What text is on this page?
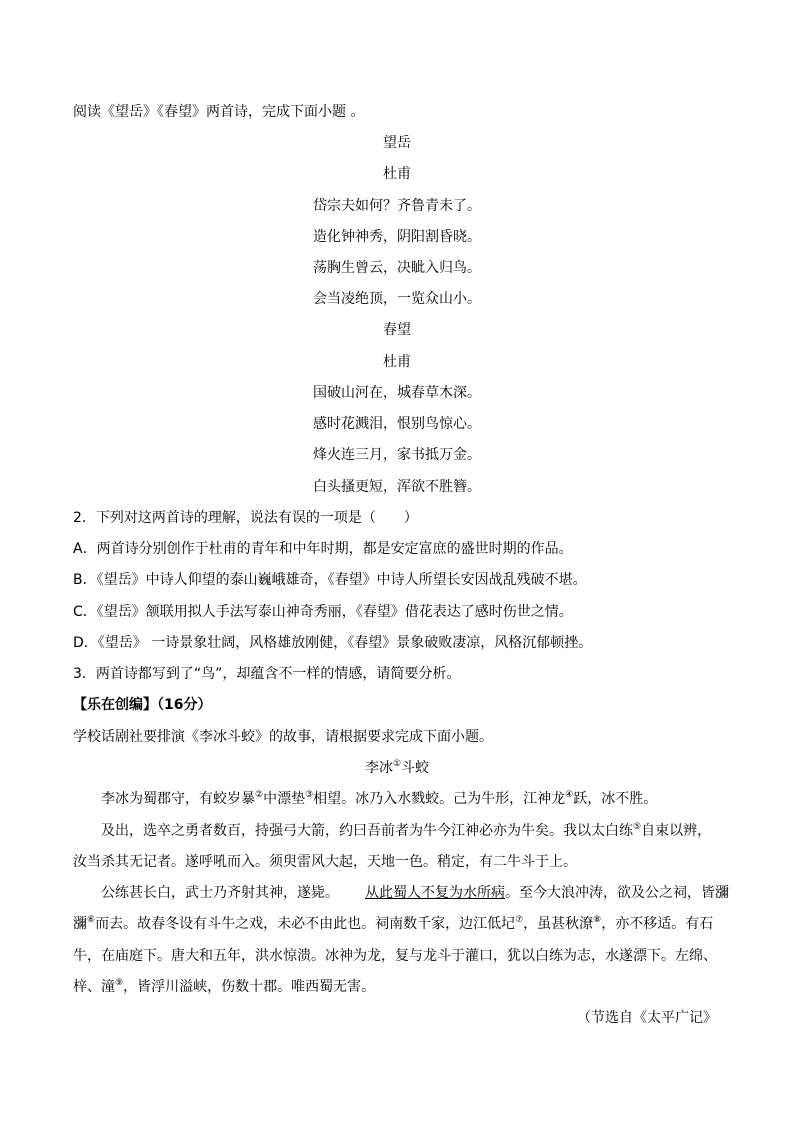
阅读《望岳》《春望》两首诗，完成下面小题 。
望岳
杜甫
岱宗夫如何？齐鲁青未了。
造化钟神秀，阴阳割昏晓。
荡胸生曾云，决眦入归鸟。
会当凌绝顶，一览众山小。
春望
杜甫
国破山河在，城春草木深。
感时花溅泪，恨别鸟惊心。
烽火连三月，家书抵万金。
白头搔更短，浑欲不胜簪。
2．下列对这两首诗的理解，说法有误的一项是（　　）
A．两首诗分别创作于杜甫的青年和中年时期，都是安定富庶的盛世时期的作品。
B．《望岳》中诗人仰望的泰山巍峨雄奇，《春望》中诗人所望长安因战乱残破不堪。
C．《望岳》颔联用拟人手法写泰山神奇秀丽，《春望》借花表达了感时伤世之情。
D．《望岳》 一诗景象壮阔，风格雄放刚健，《春望》景象破败凄凉，风格沉郁顿挫。
3．两首诗都写到了“鸟”，却蕴含不一样的情感，请简要分析。
【乐在创编】（16分）
学校话剧社要排演《李冰斗蛟》的故事，请根据要求完成下面小题。
李冰①斗蛟
李冰为蜀郡守，有蛟岁暴②中漂垫③相望。冰乃入水戮蛟。己为牛形，江神龙④跃，冰不胜。
及出，选卒之勇者数百，持强弓大箭，约曰吾前者为牛今江神必亦为牛矣。我以太白练⑤自束以辨，
汝当杀其无记者。遂呼吼而入。须臾雷风大起，天地一色。稍定，有二牛斗于上。
公练甚长白，武士乃齐射其神，遂毙。 从此蜀人不复为水所病。至今大浪冲涛，欲及公之祠，皆瀰
瀰⑥而去。故春冬设有斗牛之戏，未必不由此也。祠南数千家，边江低圮⑦，虽甚秋潦⑧，亦不移适。有石
牛，在庙庭下。唐大和五年，洪水惊溃。冰神为龙，复与龙斗于灌口，犹以白练为志，水遂漂下。左绵、
梓、潼⑨，皆浮川溢峡，伤数十郡。唯西蜀无害。
（节选自《太平广记》
